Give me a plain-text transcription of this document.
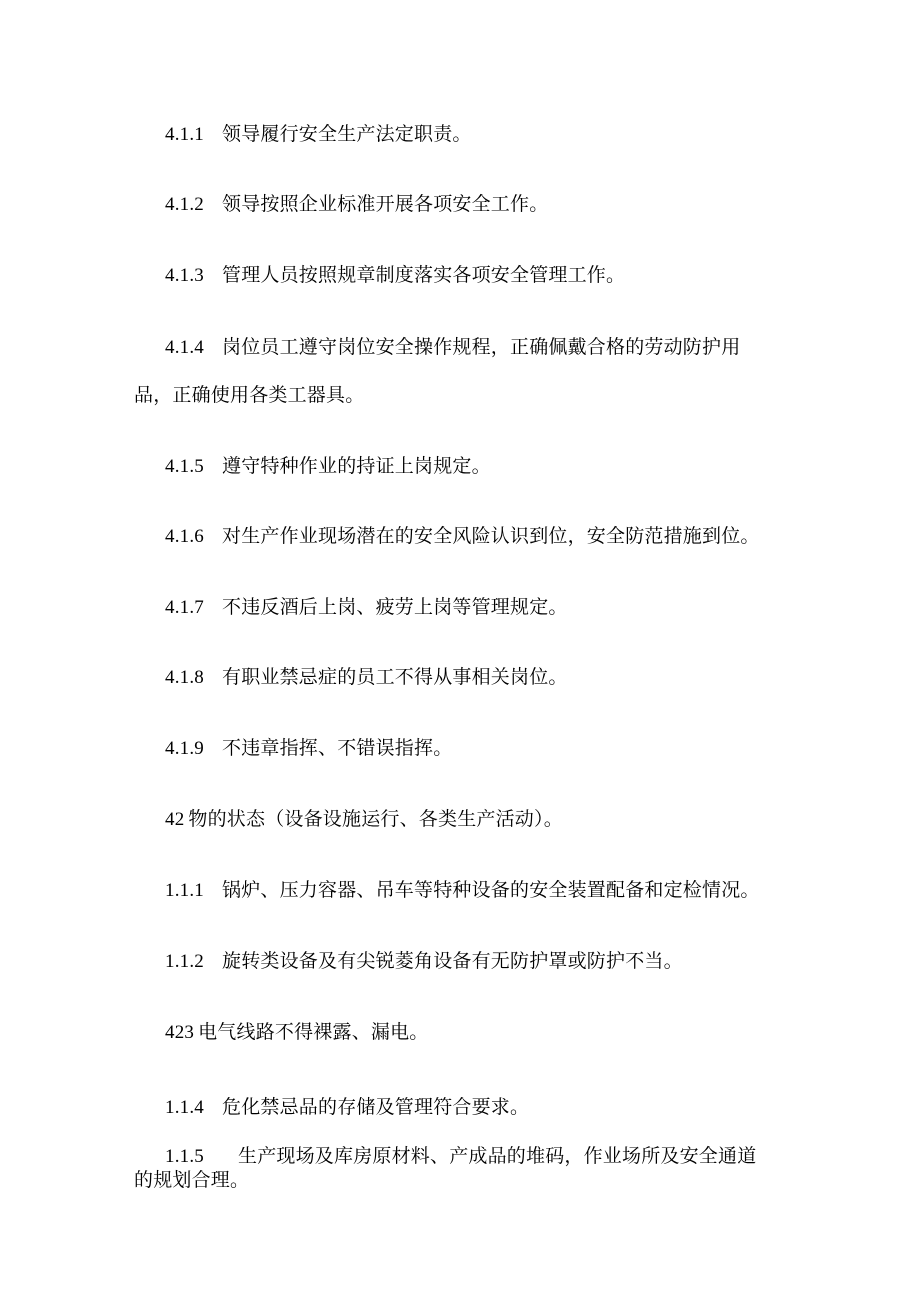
4.1.1 领导履行安全生产法定职责。
4.1.2 领导按照企业标准开展各项安全工作。
4.1.3 管理人员按照规章制度落实各项安全管理工作。
4.1.4 岗位员工遵守岗位安全操作规程，正确佩戴合格的劳动防护用
品，正确使用各类工器具。
4.1.5 遵守特种作业的持证上岗规定。
4.1.6 对生产作业现场潜在的安全风险认识到位，安全防范措施到位。
4.1.7 不违反酒后上岗、疲劳上岗等管理规定。
4.1.8 有职业禁忌症的员工不得从事相关岗位。
4.1.9 不违章指挥、不错误指挥。
42 物的状态（设备设施运行、各类生产活动）。
1.1.1 锅炉、压力容器、吊车等特种设备的安全装置配备和定检情况。
1.1.2 旋转类设备及有尖锐菱角设备有无防护罩或防护不当。
423 电气线路不得裸露、漏电。
1.1.4 危化禁忌品的存储及管理符合要求。
1.1.5 生产现场及库房原材料、产成品的堆码，作业场所及安全通道
的规划合理。
